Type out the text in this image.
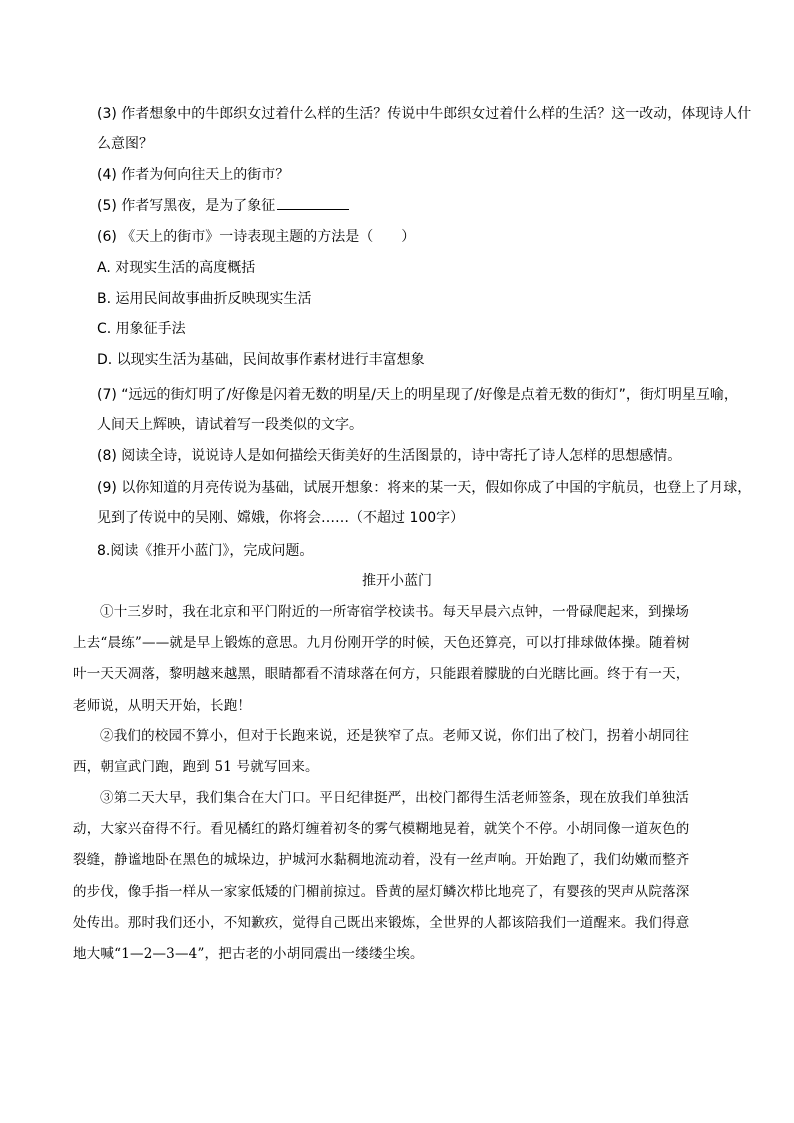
(3) 作者想象中的牛郎织女过着什么样的生活？传说中牛郎织女过着什么样的生活？这一改动，体现诗人什
么意图？
(4) 作者为何向往天上的街市？
(5) 作者写黑夜，是为了象征
(6) 《天上的街市》一诗表现主题的方法是（　　）
A. 对现实生活的高度概括
B. 运用民间故事曲折反映现实生活
C. 用象征手法
D. 以现实生活为基础，民间故事作素材进行丰富想象
(7) “远远的街灯明了/好像是闪着无数的明星/天上的明星现了/好像是点着无数的街灯”，街灯明星互喻，
人间天上辉映，请试着写一段类似的文字。
(8) 阅读全诗，说说诗人是如何描绘天街美好的生活图景的，诗中寄托了诗人怎样的思想感情。
(9) 以你知道的月亮传说为基础，试展开想象：将来的某一天，假如你成了中国的宇航员，也登上了月球，
见到了传说中的吴刚、嫦娥，你将会……（不超过 100字）
8.阅读《推开小蓝门》，完成问题。
推开小蓝门
①十三岁时，我在北京和平门附近的一所寄宿学校读书。每天早晨六点钟，一骨碌爬起来，到操场上去“晨练”——就是早上锻炼的意思。九月份刚开学的时候，天色还算亮，可以打排球做体操。随着树叶一天天凋落，黎明越来越黑，眼睛都看不清球落在何方，只能跟着朦胧的白光瞎比画。终于有一天，老师说，从明天开始，长跑！
②我们的校园不算小，但对于长跑来说，还是狭窄了点。老师又说，你们出了校门，拐着小胡同往西，朝宣武门跑，跑到 51 号就写回来。
③第二天大早，我们集合在大门口。平日纪律挺严，出校门都得生活老师签条，现在放我们单独活动，大家兴奋得不行。看见橘红的路灯缠着初冬的雾气模糊地晃着，就笑个不停。小胡同像一道灰色的裂缝，静谧地卧在黑色的城垛边，护城河水黏稠地流动着，没有一丝声响。开始跑了，我们幼嫩而整齐的步伐，像手指一样从一家家低矮的门楣前掠过。昏黄的屋灯鳞次栉比地亮了，有婴孩的哭声从院落深处传出。那时我们还小，不知歉疚，觉得自己既出来锻炼，全世界的人都该陪我们一道醒来。我们得意地大喊“1—2—3—4”，把古老的小胡同震出一缕缕尘埃。
